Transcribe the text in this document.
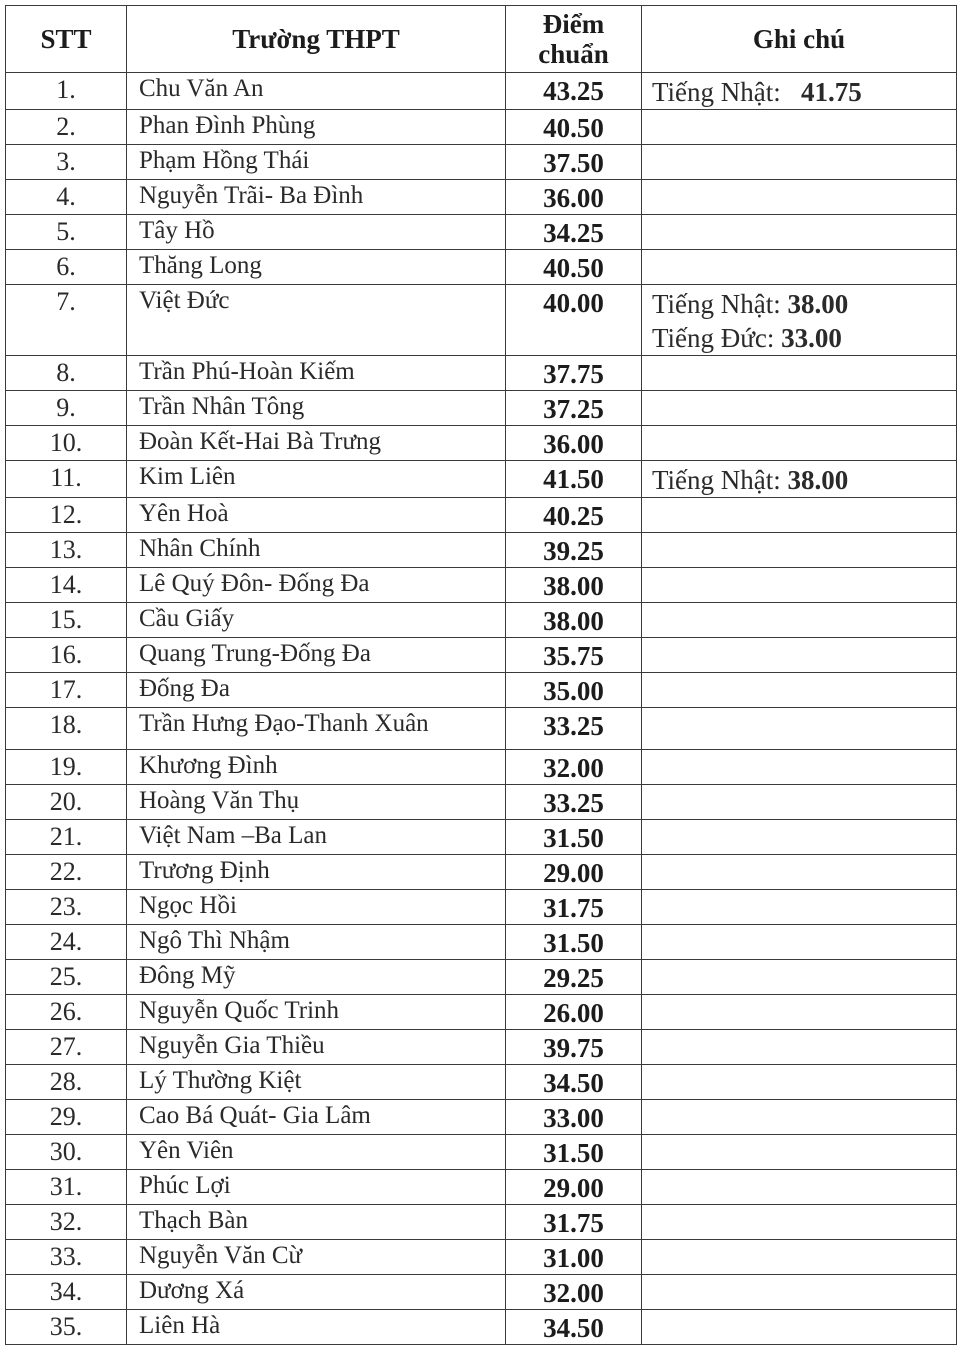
STT	Trường THPT	Điểm chuẩn	Ghi chú
1.	Chu Văn An	43.25	Tiếng Nhật:   41.75

2.	Phan Đình Phùng	40.50	
3.	Phạm Hồng Thái	37.50	
4.	Nguyễn Trãi- Ba Đình	36.00	
5.	Tây Hồ	34.25	
6.	Thăng Long	40.50	
7.	Việt Đức	40.00	Tiếng Nhật: 38.00
Tiếng Đức: 33.00

8.	Trần Phú-Hoàn Kiếm	37.75	
9.	Trần Nhân Tông	37.25	
10.	Đoàn Kết-Hai Bà Trưng	36.00	
11.	Kim Liên	41.50	Tiếng Nhật: 38.00

12.	Yên Hoà	40.25	
13.	Nhân Chính	39.25	
14.	Lê Quý Đôn- Đống Đa	38.00	
15.	Cầu Giấy	38.00	
16.	Quang Trung-Đống Đa	35.75	
17.	Đống Đa	35.00	
18.	Trần Hưng Đạo-Thanh Xuân	33.25	
19.	Khương Đình	32.00	
20.	Hoàng Văn Thụ	33.25	
21.	Việt Nam –Ba Lan	31.50	
22.	Trương Định	29.00	
23.	Ngọc Hồi	31.75	
24.	Ngô Thì Nhậm	31.50	
25.	Đông Mỹ	29.25	
26.	Nguyễn Quốc Trinh	26.00	
27.	Nguyễn Gia Thiều	39.75	
28.	Lý Thường Kiệt	34.50	
29.	Cao Bá Quát- Gia Lâm	33.00	
30.	Yên Viên	31.50	
31.	Phúc Lợi	29.00	
32.	Thạch Bàn	31.75	
33.	Nguyễn Văn Cừ	31.00	
34.	Dương Xá	32.00	
35.	Liên Hà	34.50	
